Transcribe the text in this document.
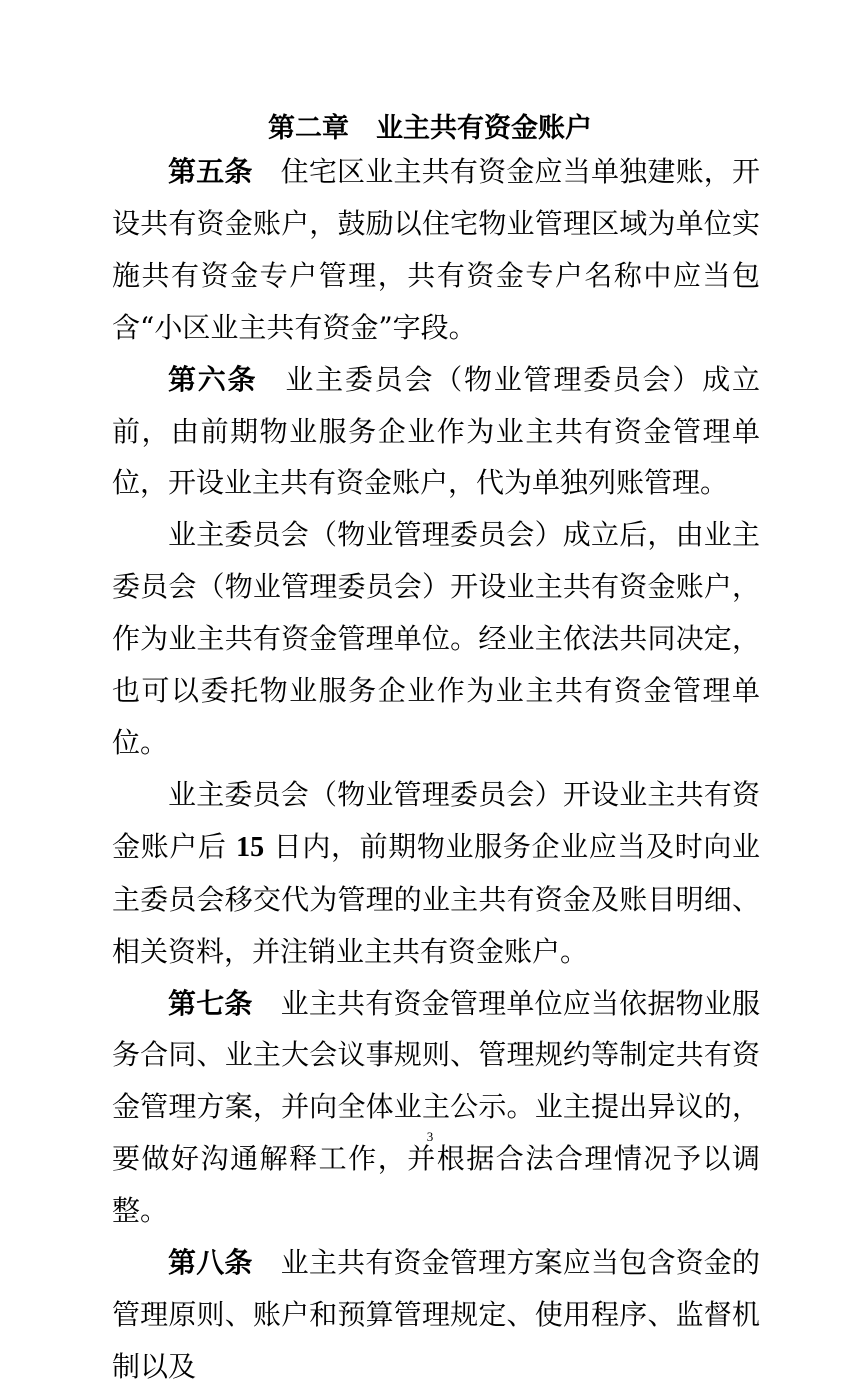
第二章　业主共有资金账户

第五条 住宅区业主共有资金应当单独建账，开设共有资金账户，鼓励以住宅物业管理区域为单位实施共有资金专户管理，共有资金专户名称中应当包含“小区业主共有资金”字段。

第六条 业主委员会（物业管理委员会）成立前，由前期物业服务企业作为业主共有资金管理单位，开设业主共有资金账户，代为单独列账管理。

业主委员会（物业管理委员会）成立后，由业主委员会（物业管理委员会）开设业主共有资金账户，作为业主共有资金管理单位。经业主依法共同决定，也可以委托物业服务企业作为业主共有资金管理单位。

业主委员会（物业管理委员会）开设业主共有资金账户后 15 日内，前期物业服务企业应当及时向业主委员会移交代为管理的业主共有资金及账目明细、相关资料，并注销业主共有资金账户。

第七条 业主共有资金管理单位应当依据物业服务合同、业主大会议事规则、管理规约等制定共有资金管理方案，并向全体业主公示。业主提出异议的，要做好沟通解释工作，并根据合法合理情况予以调整。

第八条 业主共有资金管理方案应当包含资金的管理原则、账户和预算管理规定、使用程序、监督机制以及

3
